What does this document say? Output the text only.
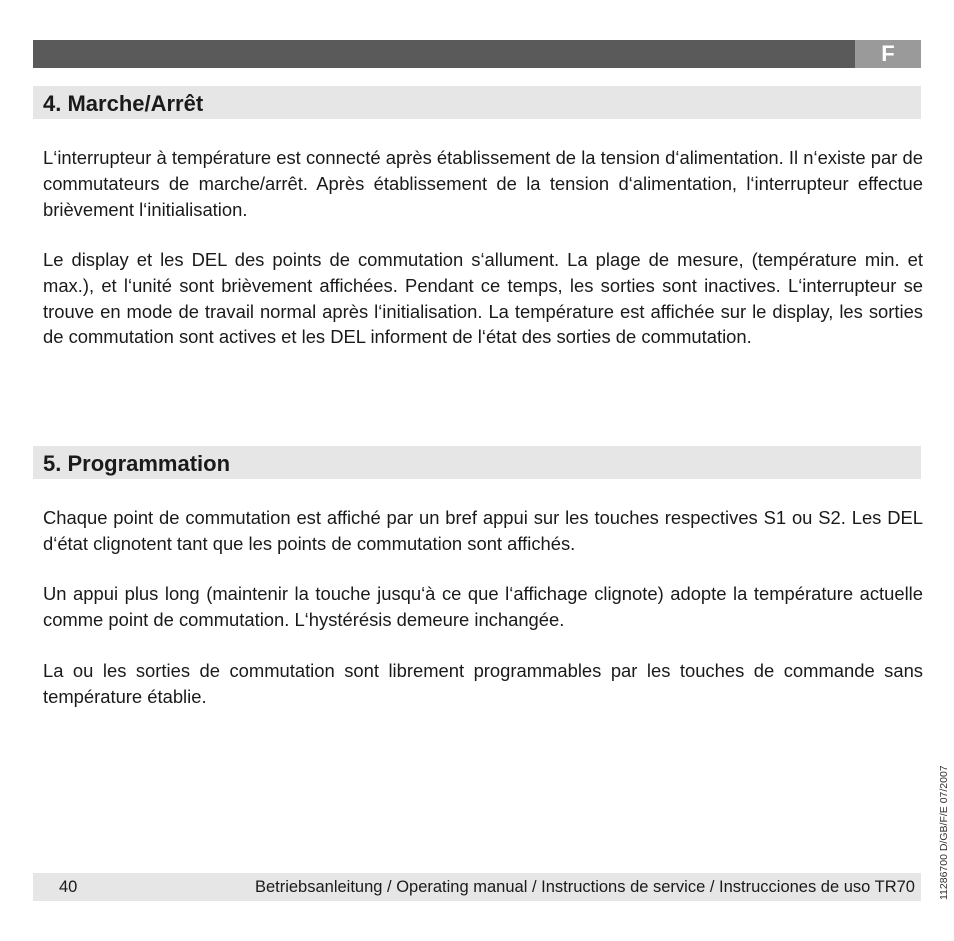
F
4. Marche/Arrêt

L‘interrupteur à température est connecté après établissement de la tension d‘alimentation. Il n‘existe par de commutateurs de marche/arrêt. Après établissement de la tension d‘alimentation, l‘interrupteur effectue brièvement l‘initialisation.

Le display et les DEL des points de commutation s‘allument. La plage de mesure, (température min. et max.), et l‘unité sont brièvement affichées. Pendant ce temps, les sorties sont inactives. L‘interrupteur se trouve en mode de travail normal après l‘initialisation. La température est affichée sur le display, les sorties de commutation sont actives et les DEL informent de l‘état des sorties de commutation.

5. Programmation

Chaque point de commutation est affiché par un bref appui sur les touches respectives S1 ou S2. Les DEL d‘état clignotent tant que les points de commutation sont affichés.

Un appui plus long (maintenir la touche jusqu‘à ce que l‘affichage clignote) adopte la température actuelle comme point de commutation. L‘hystérésis demeure inchangée.

La ou les sorties de commutation sont librement programmables par les touches de commande sans température établie.

40	Betriebsanleitung / Operating manual / Instructions de service / Instrucciones de uso TR70 11286700 D/GB/F/E 07/2007
